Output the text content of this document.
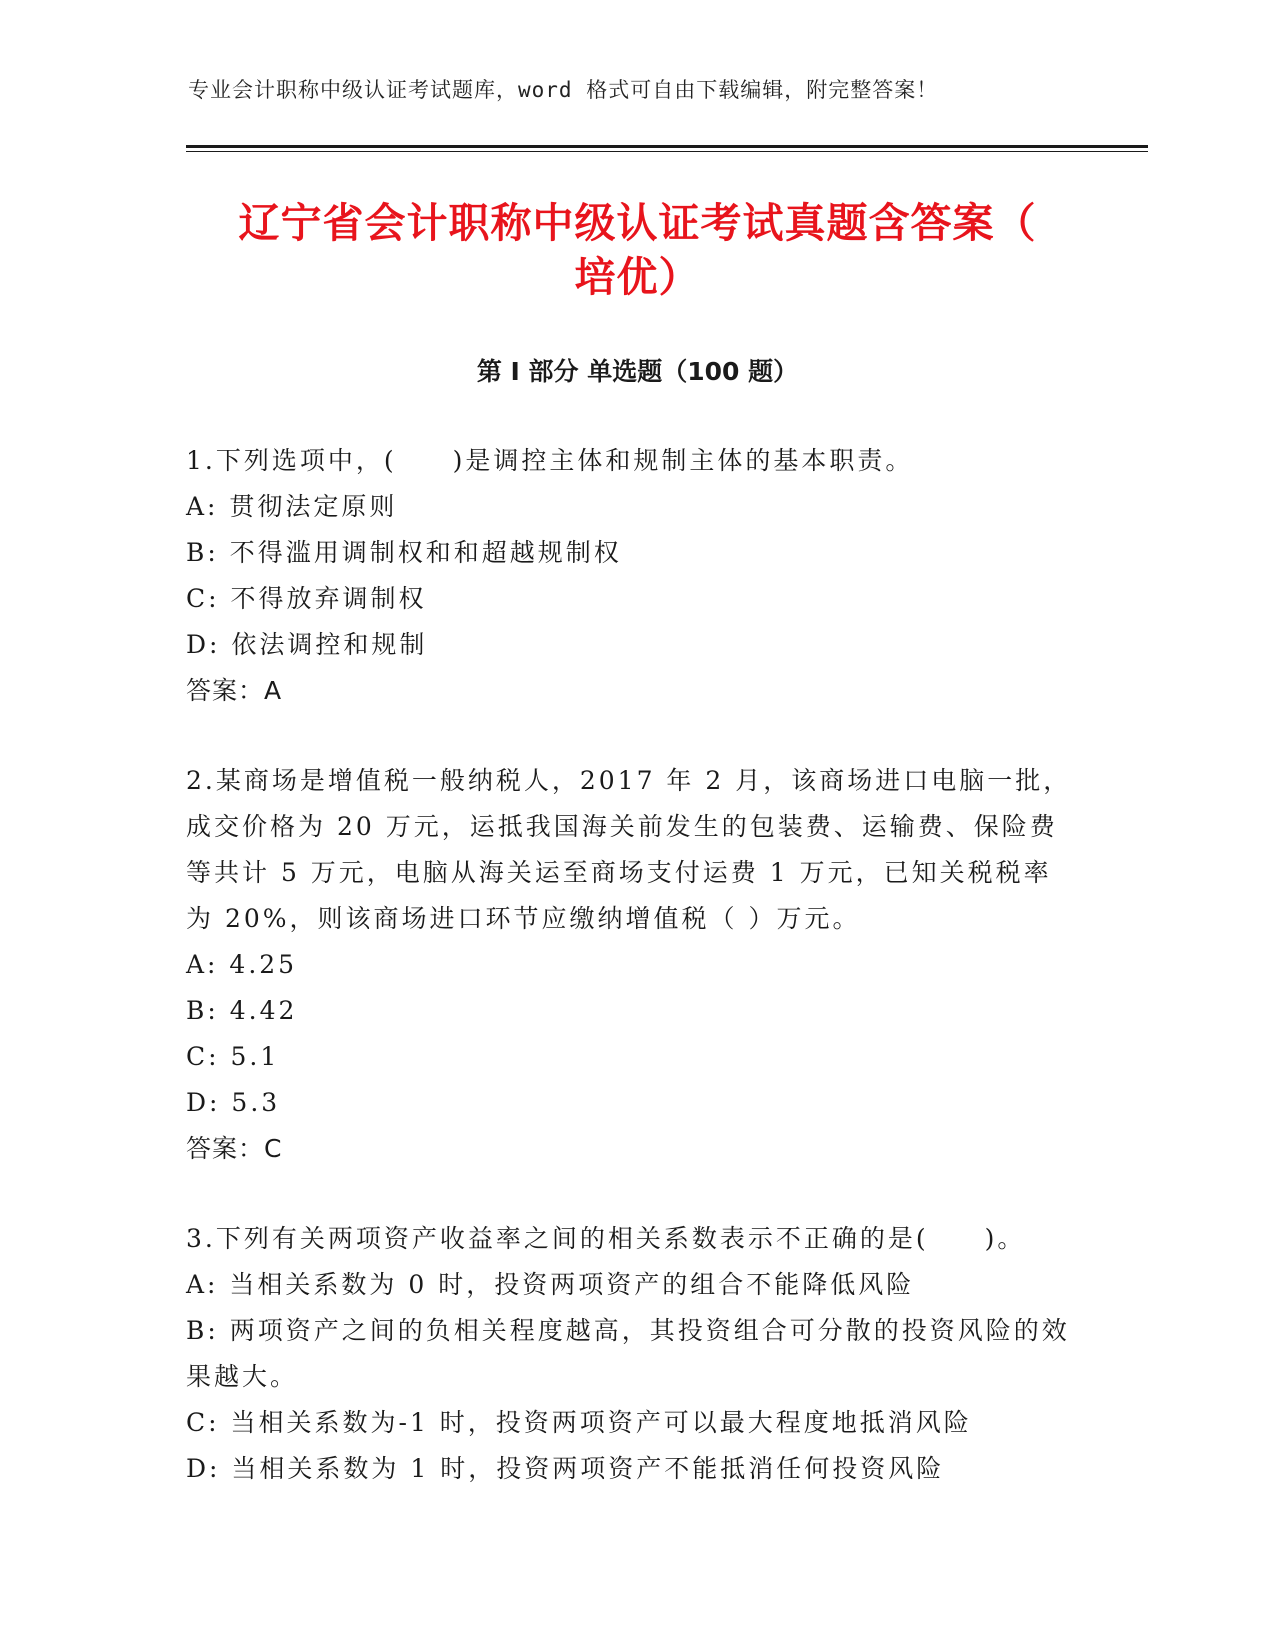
专业会计职称中级认证考试题库，word 格式可自由下载编辑，附完整答案！
辽宁省会计职称中级认证考试真题含答案（
培优）
第 I 部分 单选题（100 题）

1.下列选项中，(　　)是调控主体和规制主体的基本职责。

A: 贯彻法定原则

B: 不得滥用调制权和和超越规制权

C: 不得放弃调制权

D: 依法调控和规制

答案：A

2.某商场是增值税一般纳税人，2017 年 2 月，该商场进口电脑一批，成交价格为 20 万元，运抵我国海关前发生的包装费、运输费、保险费等共计 5 万元，电脑从海关运至商场支付运费 1 万元，已知关税税率为 20%，则该商场进口环节应缴纳增值税（ ）万元。

A: 4.25

B: 4.42

C: 5.1

D: 5.3

答案：C

3.下列有关两项资产收益率之间的相关系数表示不正确的是(　　)。

A: 当相关系数为 0 时，投资两项资产的组合不能降低风险

B: 两项资产之间的负相关程度越高，其投资组合可分散的投资风险的效果越大。

C: 当相关系数为-1 时，投资两项资产可以最大程度地抵消风险

D: 当相关系数为 1 时，投资两项资产不能抵消任何投资风险
